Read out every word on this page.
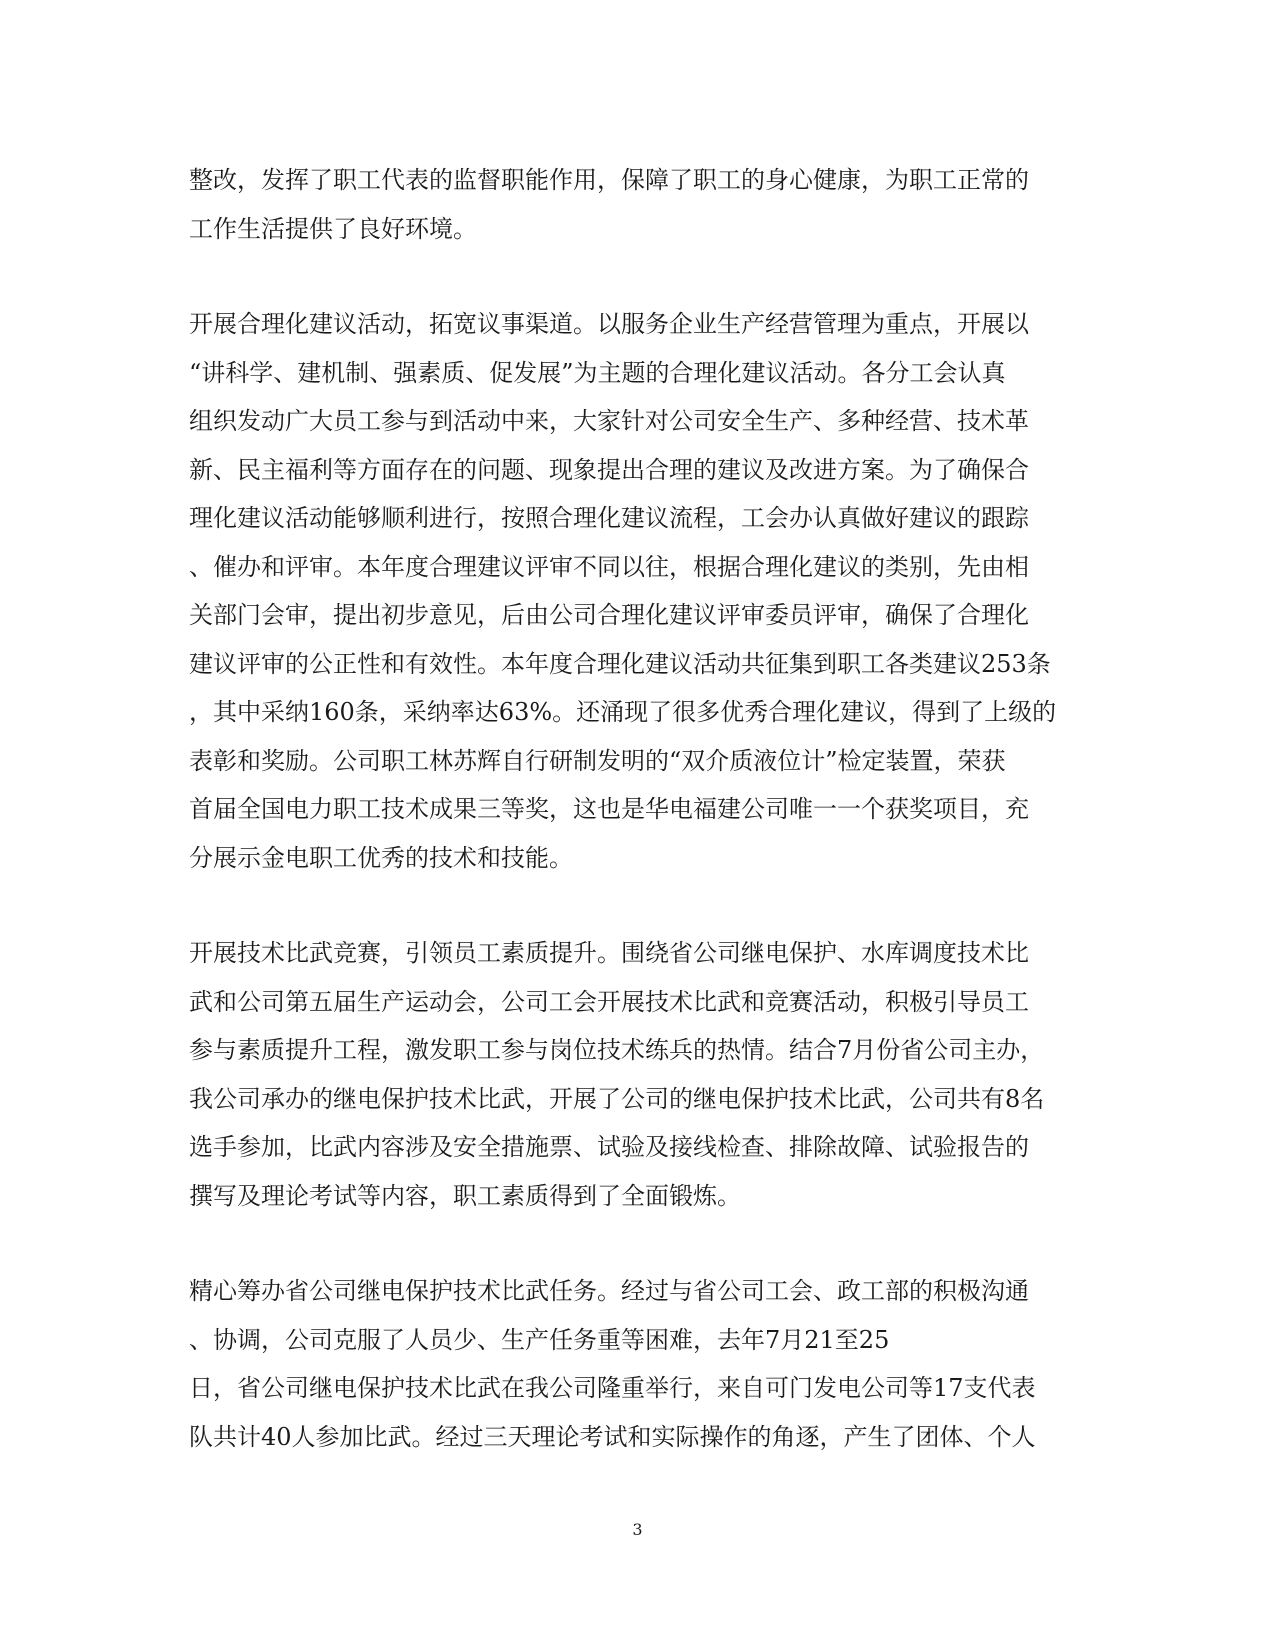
整改，发挥了职工代表的监督职能作用，保障了职工的身心健康，为职工正常的
工作生活提供了良好环境。
开展合理化建议活动，拓宽议事渠道。以服务企业生产经营管理为重点，开展以
“讲科学、建机制、强素质、促发展”为主题的合理化建议活动。各分工会认真
组织发动广大员工参与到活动中来，大家针对公司安全生产、多种经营、技术革
新、民主福利等方面存在的问题、现象提出合理的建议及改进方案。为了确保合
理化建议活动能够顺利进行，按照合理化建议流程，工会办认真做好建议的跟踪
、催办和评审。本年度合理建议评审不同以往，根据合理化建议的类别，先由相
关部门会审，提出初步意见，后由公司合理化建议评审委员评审，确保了合理化
建议评审的公正性和有效性。本年度合理化建议活动共征集到职工各类建议253条
，其中采纳160条，采纳率达63%。还涌现了很多优秀合理化建议，得到了上级的
表彰和奖励。公司职工林苏辉自行研制发明的“双介质液位计”检定装置，荣获
首届全国电力职工技术成果三等奖，这也是华电福建公司唯一一个获奖项目，充
分展示金电职工优秀的技术和技能。
开展技术比武竞赛，引领员工素质提升。围绕省公司继电保护、水库调度技术比
武和公司第五届生产运动会，公司工会开展技术比武和竞赛活动，积极引导员工
参与素质提升工程，激发职工参与岗位技术练兵的热情。结合7月份省公司主办，
我公司承办的继电保护技术比武，开展了公司的继电保护技术比武，公司共有8名
选手参加，比武内容涉及安全措施票、试验及接线检查、排除故障、试验报告的
撰写及理论考试等内容，职工素质得到了全面锻炼。
精心筹办省公司继电保护技术比武任务。经过与省公司工会、政工部的积极沟通
、协调，公司克服了人员少、生产任务重等困难，去年7月21至25
日，省公司继电保护技术比武在我公司隆重举行，来自可门发电公司等17支代表
队共计40人参加比武。经过三天理论考试和实际操作的角逐，产生了团体、个人
3
